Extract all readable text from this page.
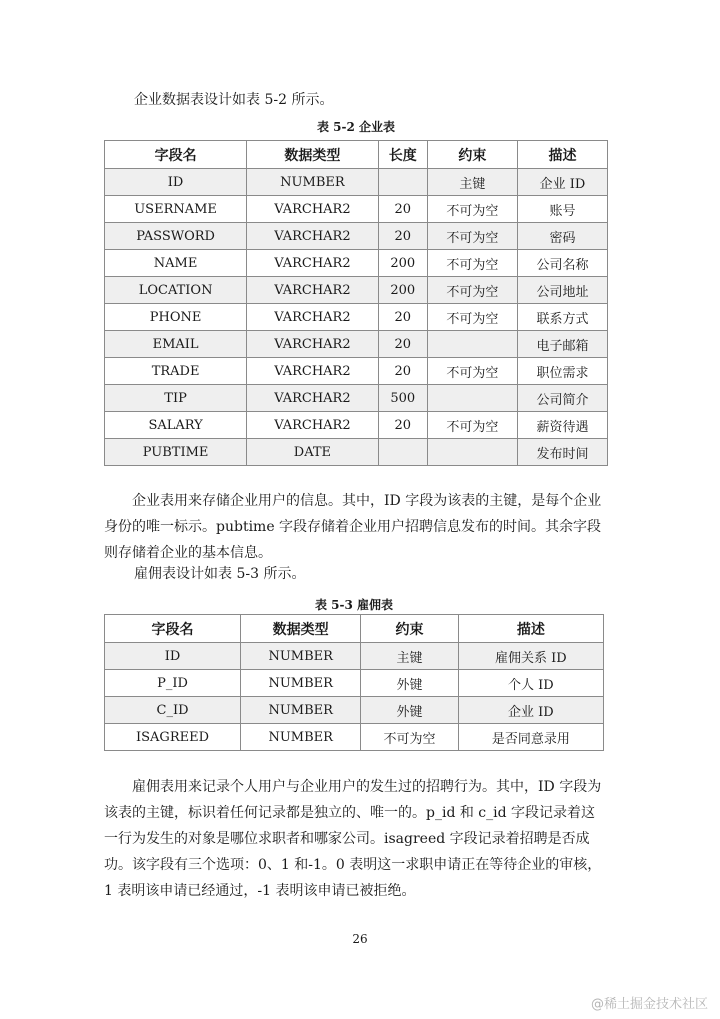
企业数据表设计如表 5-2 所示。

表 5-2 企业表
字段名	数据类型	长度	约束	描述
ID	NUMBER		主键	企业 ID
USERNAME	VARCHAR2	20	不可为空	账号
PASSWORD	VARCHAR2	20	不可为空	密码
NAME	VARCHAR2	200	不可为空	公司名称
LOCATION	VARCHAR2	200	不可为空	公司地址
PHONE	VARCHAR2	20	不可为空	联系方式
EMAIL	VARCHAR2	20		电子邮箱
TRADE	VARCHAR2	20	不可为空	职位需求
TIP	VARCHAR2	500		公司简介
SALARY	VARCHAR2	20	不可为空	薪资待遇
PUBTIME	DATE			发布时间
企业表用来存储企业用户的信息。其中，ID 字段为该表的主键，是每个企业
身份的唯一标示。pubtime 字段存储着企业用户招聘信息发布的时间。其余字段
则存储着企业的基本信息。

雇佣表设计如表 5-3 所示。

表 5-3 雇佣表
字段名	数据类型	约束	描述
ID	NUMBER	主键	雇佣关系 ID
P_ID	NUMBER	外键	个人 ID
C_ID	NUMBER	外键	企业 ID
ISAGREED	NUMBER	不可为空	是否同意录用
雇佣表用来记录个人用户与企业用户的发生过的招聘行为。其中，ID 字段为
该表的主键，标识着任何记录都是独立的、唯一的。p_id 和 c_id 字段记录着这
一行为发生的对象是哪位求职者和哪家公司。isagreed 字段记录着招聘是否成
功。该字段有三个选项：0、1 和-1。0 表明这一求职申请正在等待企业的审核，
1 表明该申请已经通过，-1 表明该申请已被拒绝。
26
@稀土掘金技术社区
